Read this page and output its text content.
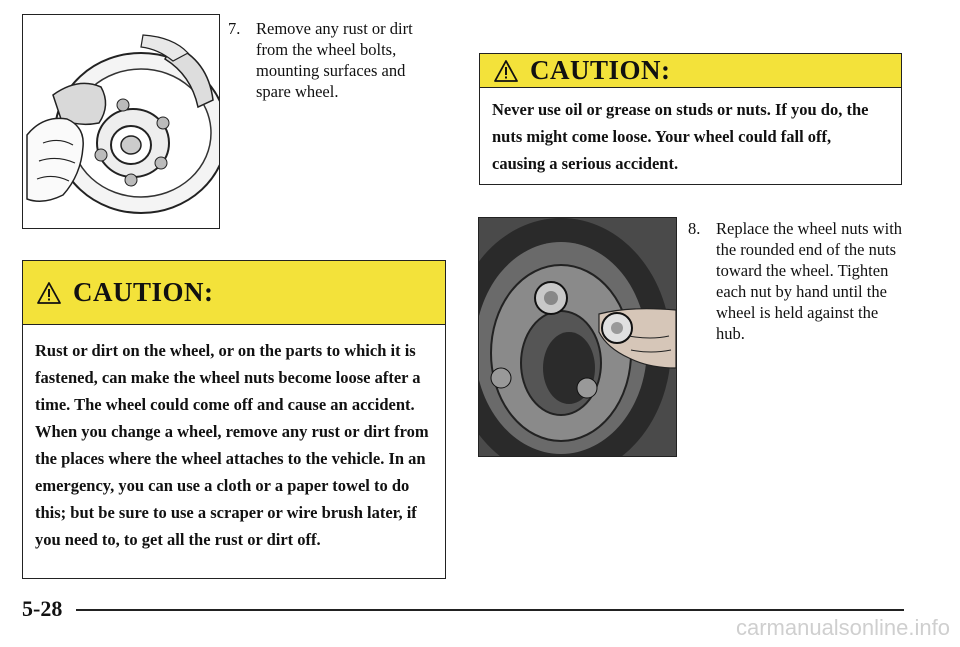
7. Remove any rust or dirt from the wheel bolts, mounting surfaces and spare wheel.
CAUTION:
Never use oil or grease on studs or nuts. If you do, the nuts might come loose. Your wheel could fall off, causing a serious accident.
8. Replace the wheel nuts with the rounded end of the nuts toward the wheel. Tighten each nut by hand until the wheel is held against the hub.
CAUTION:
Rust or dirt on the wheel, or on the parts to which it is fastened, can make the wheel nuts become loose after a time. The wheel could come off and cause an accident. When you change a wheel, remove any rust or dirt from the places where the wheel attaches to the vehicle. In an emergency, you can use a cloth or a paper towel to do this; but be sure to use a scraper or wire brush later, if you need to, to get all the rust or dirt off.
5-28
carmanualsonline.info
